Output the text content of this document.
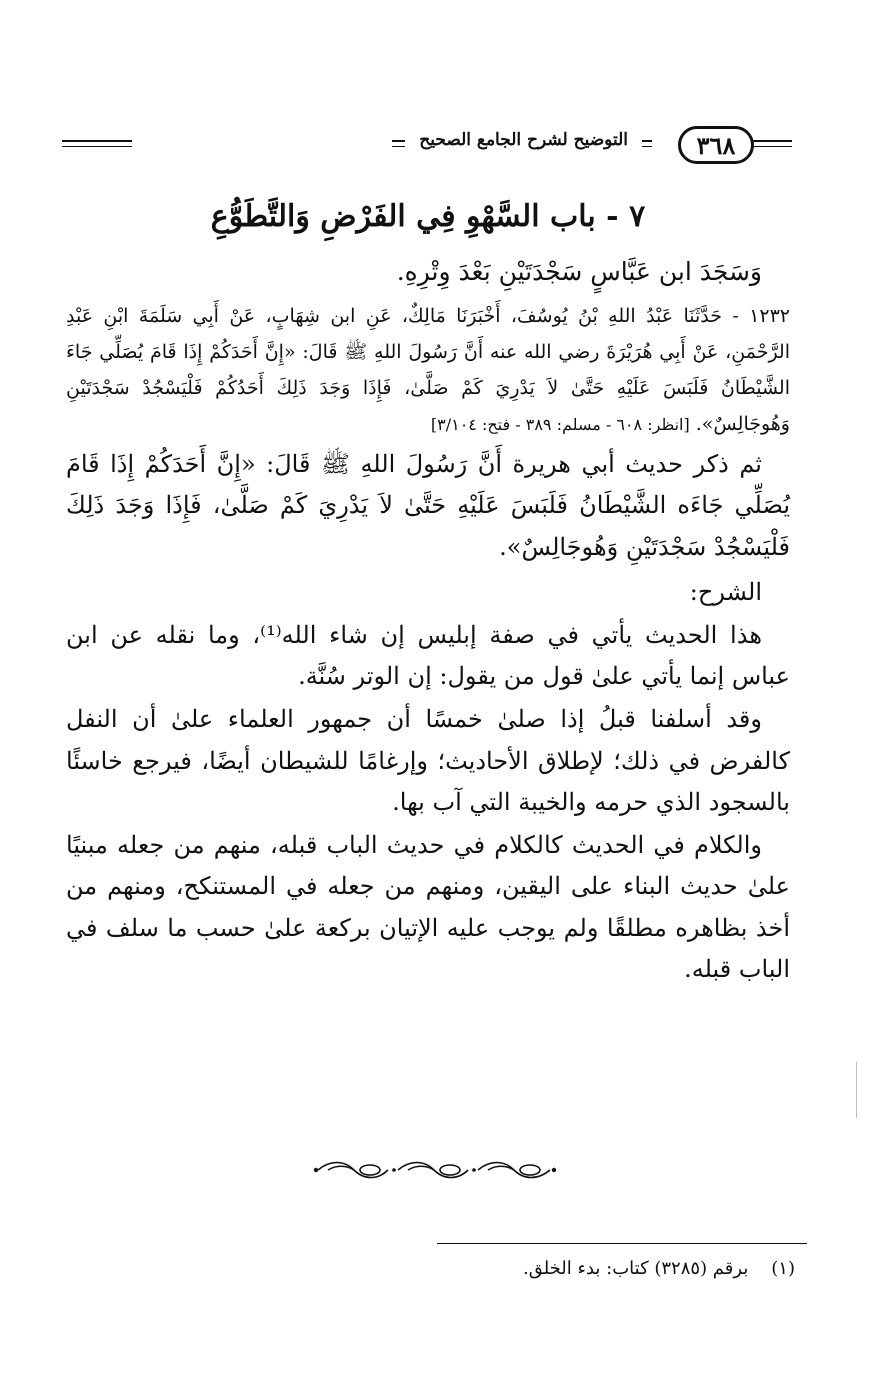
التوضيح لشرح الجامع الصحيح	٣٦٨
٧ - باب السَّهْوِ فِي الفَرْضِ وَالتَّطَوُّعِ

وَسَجَدَ ابن عَبَّاسٍ سَجْدَتَيْنِ بَعْدَ وِتْرِهِ.

١٢٣٢ - حَدَّثَنَا عَبْدُ اللهِ بْنُ يُوسُفَ، أَخْبَرَنَا مَالِكٌ، عَنِ ابن شِهَابٍ، عَنْ أَبِي سَلَمَةَ ابْنِ عَبْدِ الرَّحْمَنِ، عَنْ أَبِي هُرَيْرَةَ رضي الله عنه أَنَّ رَسُولَ اللهِ ﷺ قَالَ: «إِنَّ أَحَدَكُمْ إِذَا قَامَ يُصَلِّي جَاءَ الشَّيْطَانُ فَلَبَسَ عَلَيْهِ حَتَّىٰ لاَ يَدْرِيَ كَمْ صَلَّىٰ، فَإِذَا وَجَدَ ذَلِكَ أَحَدُكُمْ فَلْيَسْجُدْ سَجْدَتَيْنِ وَهُوجَالِسٌ». [انظر: ٦٠٨ - مسلم: ٣٨٩ - فتح: ٣/١٠٤]

ثم ذكر حديث أبي هريرة أَنَّ رَسُولَ اللهِ ﷺ قَالَ: «إِنَّ أَحَدَكُمْ إِذَا قَامَ يُصَلِّي جَاءَه الشَّيْطَانُ فَلَبَسَ عَلَيْهِ حَتَّىٰ لاَ يَدْرِيَ كَمْ صَلَّىٰ، فَإِذَا وَجَدَ ذَلِكَ فَلْيَسْجُدْ سَجْدَتَيْنِ وَهُوجَالِسٌ».

الشرح:

هذا الحديث يأتي في صفة إبليس إن شاء الله⁽¹⁾، وما نقله عن ابن عباس إنما يأتي علىٰ قول من يقول: إن الوتر سُنَّة.

وقد أسلفنا قبلُ إذا صلىٰ خمسًا أن جمهور العلماء علىٰ أن النفل كالفرض في ذلك؛ لإطلاق الأحاديث؛ وإرغامًا للشيطان أيضًا، فيرجع خاسئًا بالسجود الذي حرمه والخيبة التي آب بها.

والكلام في الحديث كالكلام في حديث الباب قبله، منهم من جعله مبنيًا علىٰ حديث البناء على اليقين، ومنهم من جعله في المستنكح، ومنهم من أخذ بظاهره مطلقًا ولم يوجب عليه الإتيان بركعة علىٰ حسب ما سلف في الباب قبله.

(١)    برقم (٣٢٨٥) كتاب: بدء الخلق.
